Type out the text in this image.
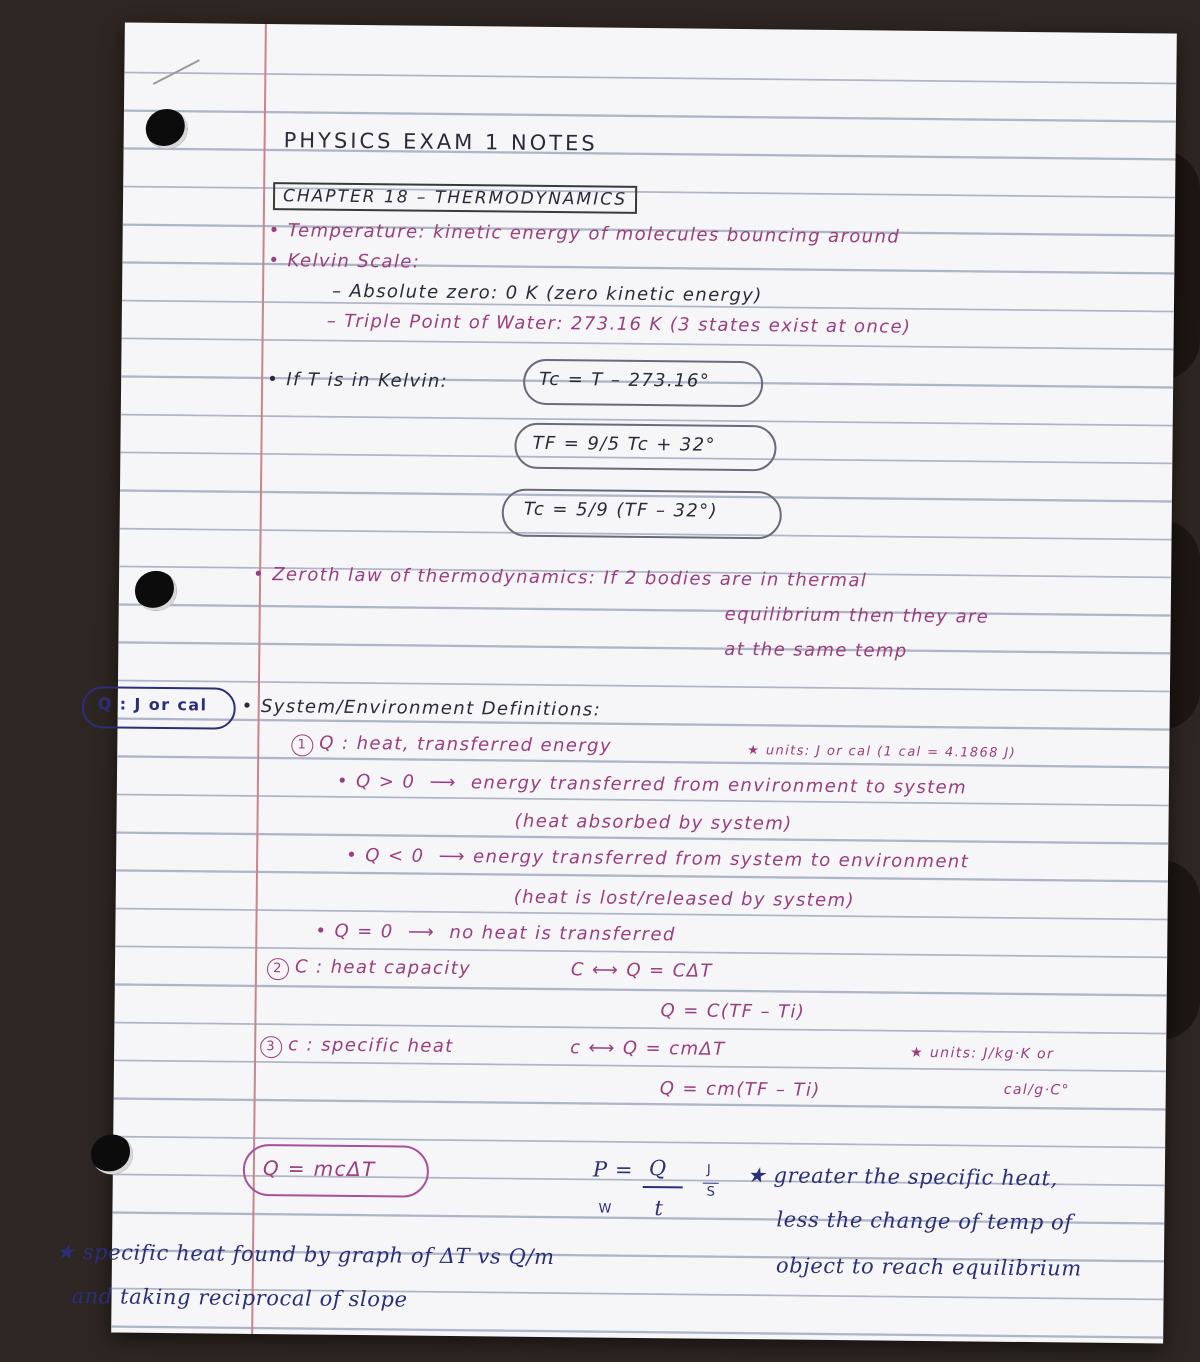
PHYSICS EXAM 1 NOTES
CHAPTER 18 – THERMODYNAMICS
• Temperature: kinetic energy of molecules bouncing around
• Kelvin Scale:
– Absolute zero: 0 K (zero kinetic energy)
– Triple Point of Water: 273.16 K (3 states exist at once)
• If T is in Kelvin:	Tc = T – 273.16°
TF = 9/5 Tc + 32°
Tc = 5/9 (TF – 32°)
• Zeroth law of thermodynamics: If 2 bodies are in thermal
equilibrium then they are
at the same temp
Q : J or cal • System/Environment Definitions:
1 Q : heat, transferred energy	★ units: J or cal (1 cal = 4.1868 J)
• Q > 0 ⟶ energy transferred from environment to system
(heat absorbed by system)
• Q < 0 ⟶ energy transferred from system to environment
(heat is lost/released by system)
• Q = 0 ⟶ no heat is transferred
2 C : heat capacity	C ⟷ Q = CΔT
Q = C(TF – Ti)
3 c : specific heat	c ⟷ Q = cmΔT
Q = cm(TF – Ti)
★ units: J/kg·K or
cal/g·C°
Q = mcΔT	P = Q
t
W
J
S
★ greater the specific heat,
less the change of temp of
object to reach equilibrium
★ specific heat found by graph of ΔT vs Q/m
and taking reciprocal of slope
